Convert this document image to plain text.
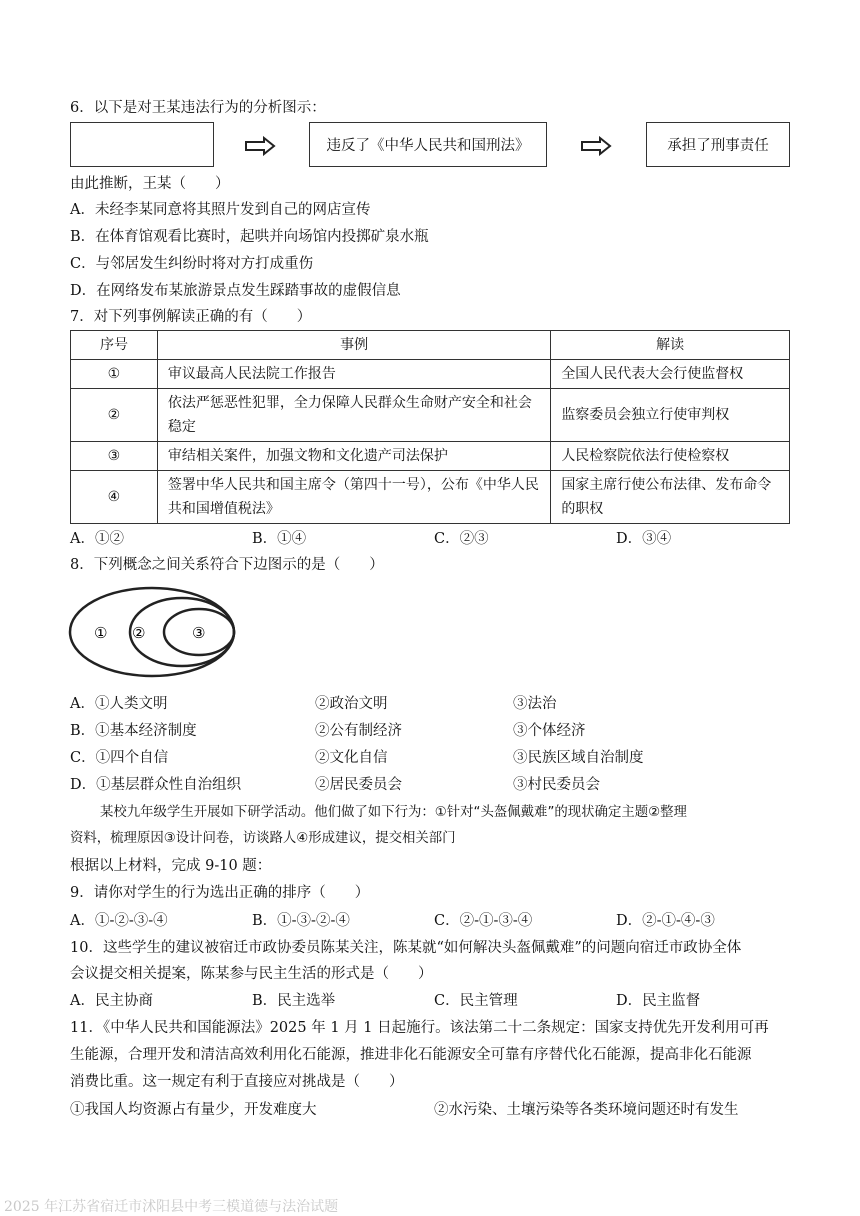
6．以下是对王某违法行为的分析图示：
违反了《中华人民共和国刑法》	承担了刑事责任
由此推断，王某（　　）
A．未经李某同意将其照片发到自己的网店宣传
B．在体育馆观看比赛时，起哄并向场馆内投掷矿泉水瓶
C．与邻居发生纠纷时将对方打成重伤
D．在网络发布某旅游景点发生踩踏事故的虚假信息
7．对下列事例解读正确的有（　　）
序号	事例	解读
①	审议最高人民法院工作报告	全国人民代表大会行使监督权
②	依法严惩恶性犯罪，全力保障人民群众生命财产安全和社会稳定	监察委员会独立行使审判权
③	审结相关案件，加强文物和文化遗产司法保护	人民检察院依法行使检察权
④	签署中华人民共和国主席令（第四十一号），公布《中华人民共和国增值税法》	国家主席行使公布法律、发布命令的职权
A．①②	B．①④	C．②③	D．③④
8．下列概念之间关系符合下边图示的是（　　）
① ②	③
A．①人类文明	②政治文明	③法治
B．①基本经济制度	②公有制经济	③个体经济
C．①四个自信	②文化自信	③民族区域自治制度
D．①基层群众性自治组织	②居民委员会	③村民委员会
某校九年级学生开展如下研学活动。他们做了如下行为：①针对“头盔佩戴难”的现状确定主题②整理
资料，梳理原因③设计问卷，访谈路人④形成建议，提交相关部门
根据以上材料，完成 9-10 题：
9．请你对学生的行为选出正确的排序（　　）
A．①-②-③-④	B．①-③-②-④	C．②-①-③-④	D．②-①-④-③
10．这些学生的建议被宿迁市政协委员陈某关注，陈某就“如何解决头盔佩戴难”的问题向宿迁市政协全体
会议提交相关提案，陈某参与民主生活的形式是（　　）
A．民主协商	B．民主选举	C．民主管理	D．民主监督
11．《中华人民共和国能源法》2025 年 1 月 1 日起施行。该法第二十二条规定：国家支持优先开发利用可再
生能源，合理开发和清洁高效利用化石能源，推进非化石能源安全可靠有序替代化石能源，提高非化石能源
消费比重。这一规定有利于直接应对挑战是（　　）
①我国人均资源占有量少，开发难度大	②水污染、土壤污染等各类环境问题还时有发生
2025 年江苏省宿迁市沭阳县中考三模道德与法治试题
